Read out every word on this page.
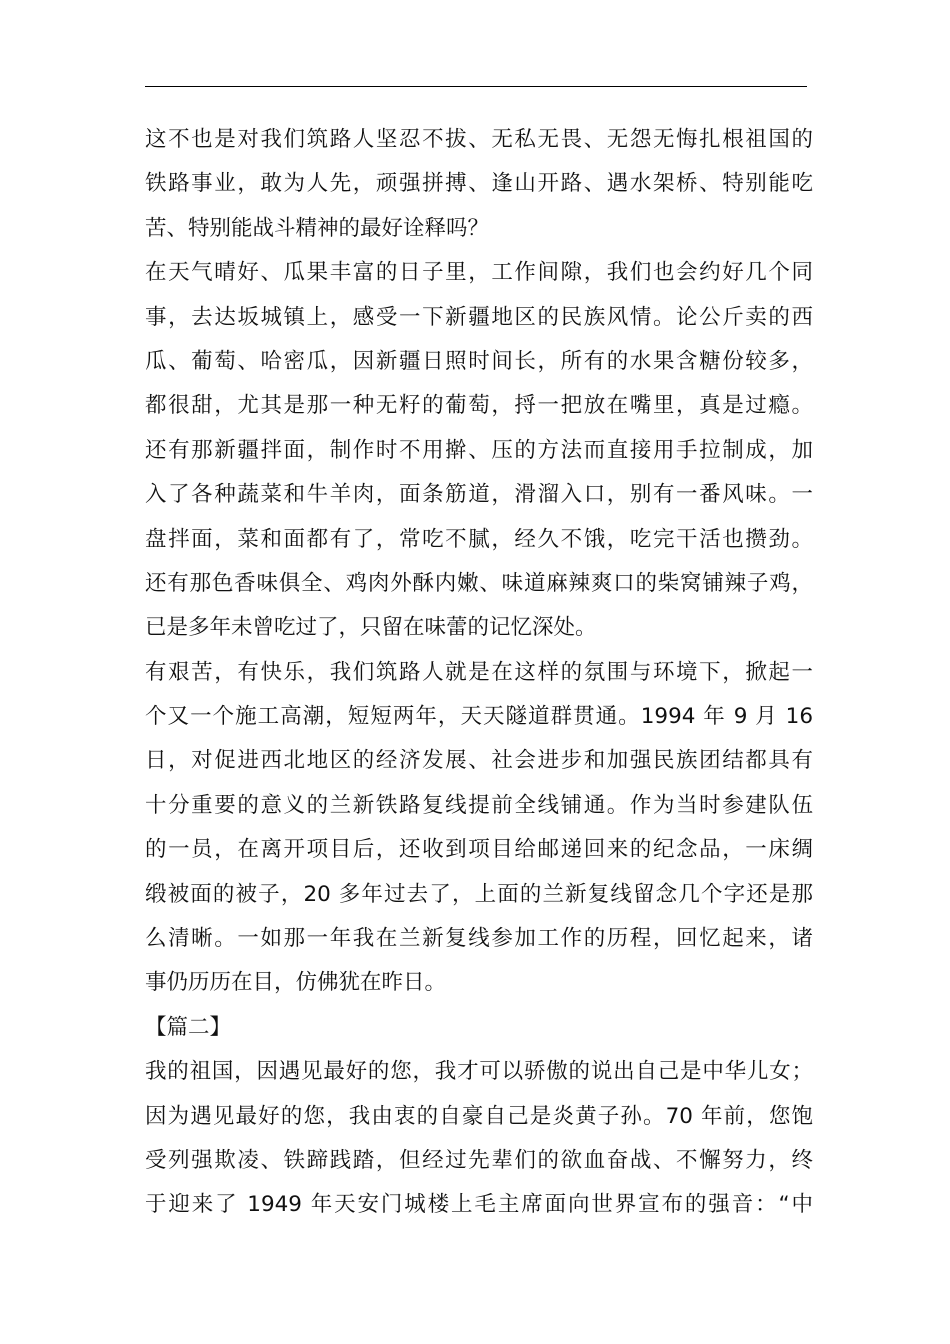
这不也是对我们筑路人坚忍不拔、无私无畏、无怨无悔扎根祖国的
铁路事业，敢为人先，顽强拼搏、逢山开路、遇水架桥、特别能吃
苦、特别能战斗精神的最好诠释吗？
在天气晴好、瓜果丰富的日子里，工作间隙，我们也会约好几个同
事，去达坂城镇上，感受一下新疆地区的民族风情。论公斤卖的西
瓜、葡萄、哈密瓜，因新疆日照时间长，所有的水果含糖份较多，
都很甜，尤其是那一种无籽的葡萄，捋一把放在嘴里，真是过瘾。
还有那新疆拌面，制作时不用擀、压的方法而直接用手拉制成，加
入了各种蔬菜和牛羊肉，面条筋道，滑溜入口，别有一番风味。一
盘拌面，菜和面都有了，常吃不腻，经久不饿，吃完干活也攒劲。
还有那色香味俱全、鸡肉外酥内嫩、味道麻辣爽口的柴窝铺辣子鸡，
已是多年未曾吃过了，只留在味蕾的记忆深处。
有艰苦，有快乐，我们筑路人就是在这样的氛围与环境下，掀起一
个又一个施工高潮，短短两年，天天隧道群贯通。1994 年 9 月 16
日，对促进西北地区的经济发展、社会进步和加强民族团结都具有
十分重要的意义的兰新铁路复线提前全线铺通。作为当时参建队伍
的一员，在离开项目后，还收到项目给邮递回来的纪念品，一床绸
缎被面的被子，20 多年过去了，上面的兰新复线留念几个字还是那
么清晰。一如那一年我在兰新复线参加工作的历程，回忆起来，诸
事仍历历在目，仿佛犹在昨日。
【篇二】
我的祖国，因遇见最好的您，我才可以骄傲的说出自己是中华儿女；
因为遇见最好的您，我由衷的自豪自己是炎黄子孙。70 年前，您饱
受列强欺凌、铁蹄践踏，但经过先辈们的欲血奋战、不懈努力，终
于迎来了 1949 年天安门城楼上毛主席面向世界宣布的强音：“中
